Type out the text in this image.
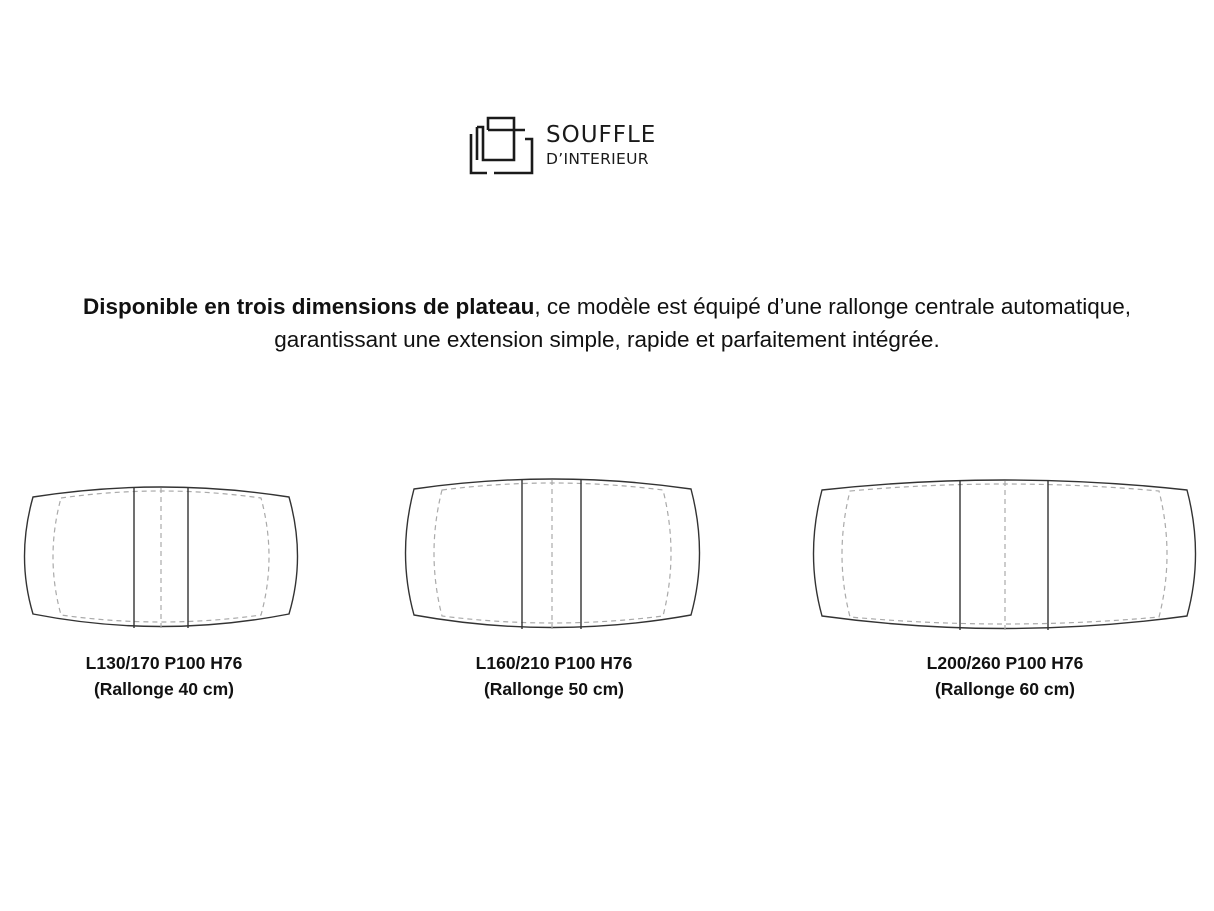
SOUFFLE
D’INTERIEUR
Disponible en trois dimensions de plateau, ce modèle est équipé d’une rallonge centrale automatique,
garantissant une extension simple, rapide et parfaitement intégrée.
L130/170 P100 H76
(Rallonge 40 cm)
L160/210 P100 H76
(Rallonge 50 cm)
L200/260 P100 H76
(Rallonge 60 cm)
